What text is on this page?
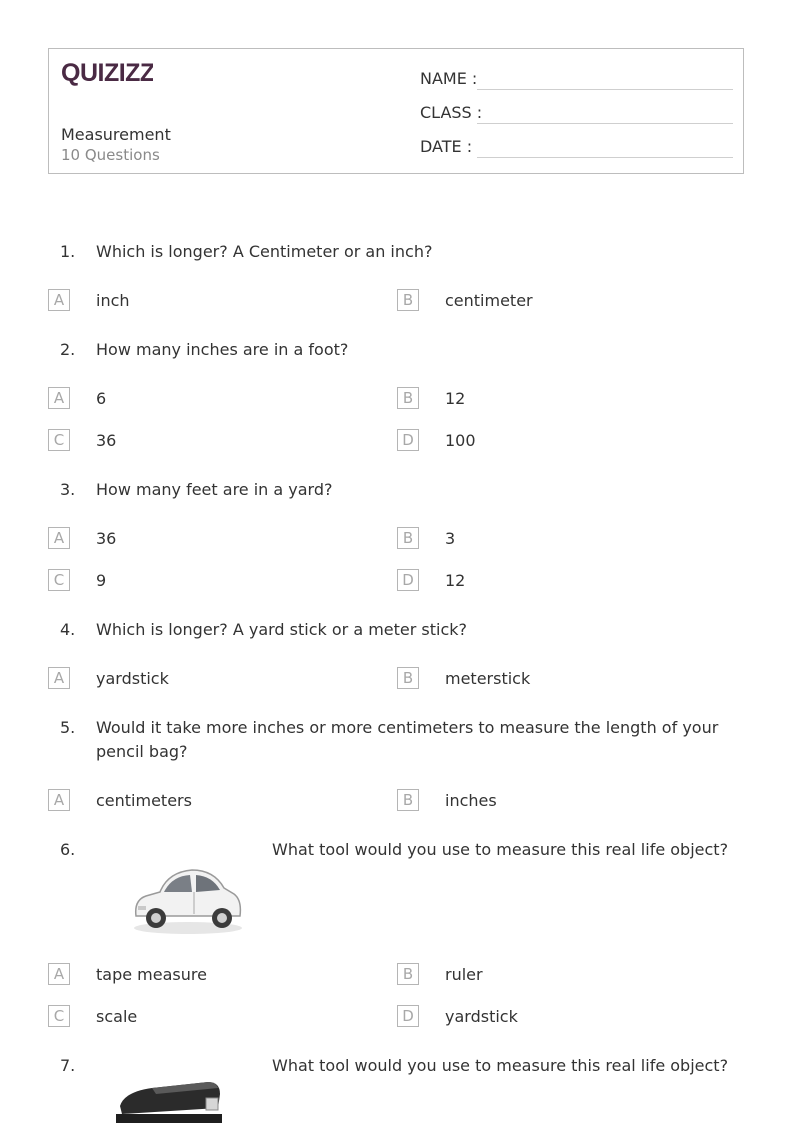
QUIZIZZ
Measurement
10 Questions
NAME :
CLASS :
DATE :
1. Which is longer? A Centimeter or an inch?
A	inch	B	centimeter
2. How many inches are in a foot?
A	6	B	12
C	36	D	100
3. How many feet are in a yard?
A	36	B	3
C	9	D	12
4. Which is longer? A yard stick or a meter stick?
A	yardstick	B	meterstick
5. Would it take more inches or more centimeters to measure the length of your pencil bag?
A	centimeters	B	inches
6.	What tool would you use to measure this real life object?
A	tape measure	B	ruler
C	scale	D	yardstick
7.	What tool would you use to measure this real life object?
